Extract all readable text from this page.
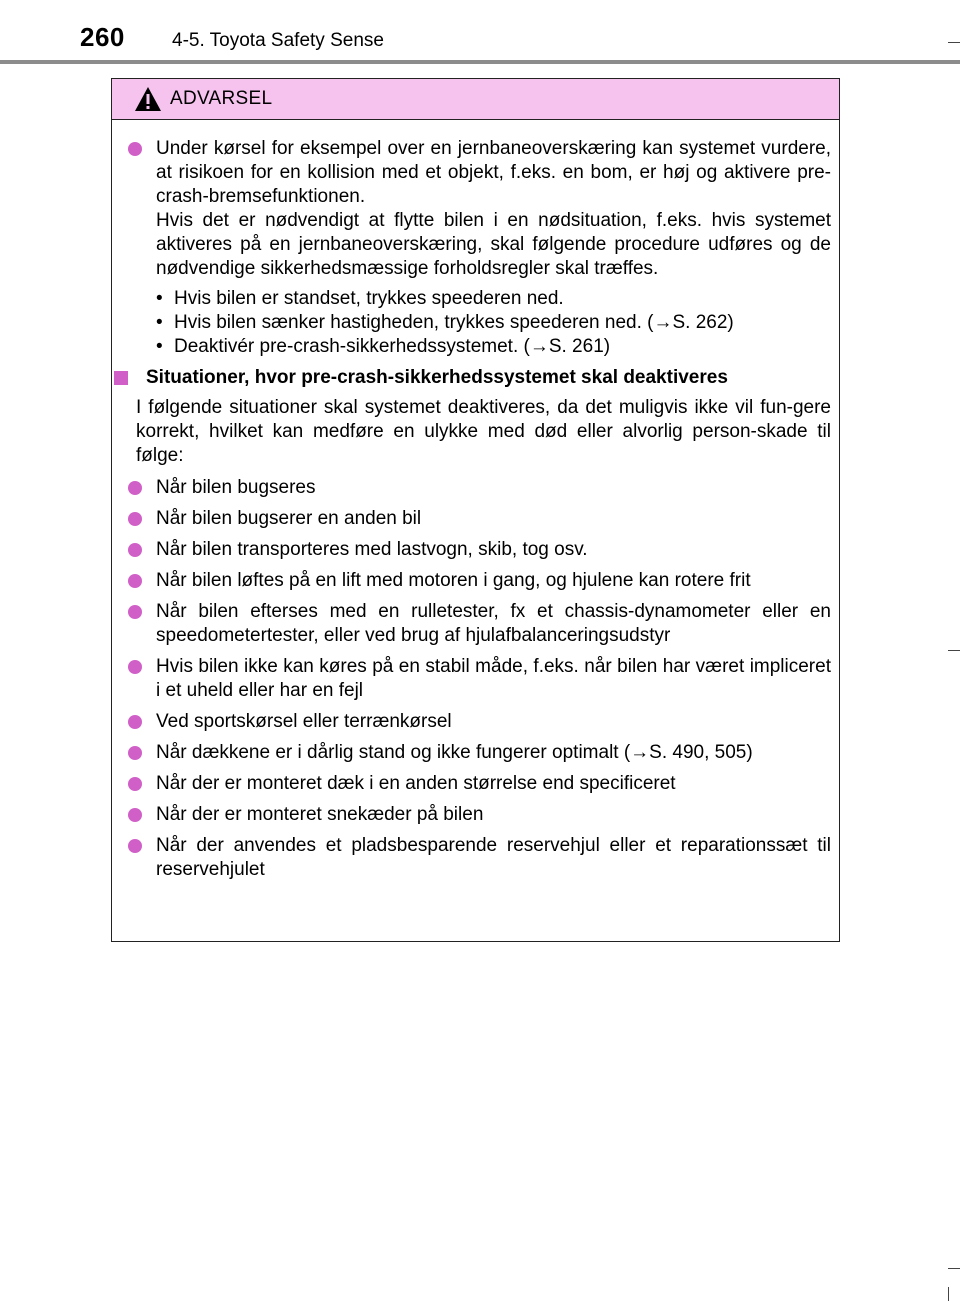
260 4-5. Toyota Safety Sense
ADVARSEL
Under kørsel for eksempel over en jernbaneoverskæring kan systemet vurdere, at risikoen for en kollision med et objekt, f.eks. en bom, er høj og aktivere pre-crash-bremsefunktionen.
Hvis det er nødvendigt at flytte bilen i en nødsituation, f.eks. hvis systemet aktiveres på en jernbaneoverskæring, skal følgende procedure udføres og de nødvendige sikkerhedsmæssige forholdsregler skal træffes.
• Hvis bilen er standset, trykkes speederen ned.
• Hvis bilen sænker hastigheden, trykkes speederen ned. (→S. 262)
• Deaktivér pre-crash-sikkerhedssystemet. (→S. 261)
Situationer, hvor pre-crash-sikkerhedssystemet skal deaktiveres
I følgende situationer skal systemet deaktiveres, da det muligvis ikke vil fun-gere korrekt, hvilket kan medføre en ulykke med død eller alvorlig person-skade til følge:
Når bilen bugseres
Når bilen bugserer en anden bil
Når bilen transporteres med lastvogn, skib, tog osv.
Når bilen løftes på en lift med motoren i gang, og hjulene kan rotere frit
Når bilen efterses med en rulletester, fx et chassis-dynamometer eller en speedometertester, eller ved brug af hjulafbalanceringsudstyr
Hvis bilen ikke kan køres på en stabil måde, f.eks. når bilen har været impliceret i et uheld eller har en fejl
Ved sportskørsel eller terrænkørsel
Når dækkene er i dårlig stand og ikke fungerer optimalt (→S. 490, 505)
Når der er monteret dæk i en anden størrelse end specificeret
Når der er monteret snekæder på bilen
Når der anvendes et pladsbesparende reservehjul eller et reparationssæt til reservehjulet
